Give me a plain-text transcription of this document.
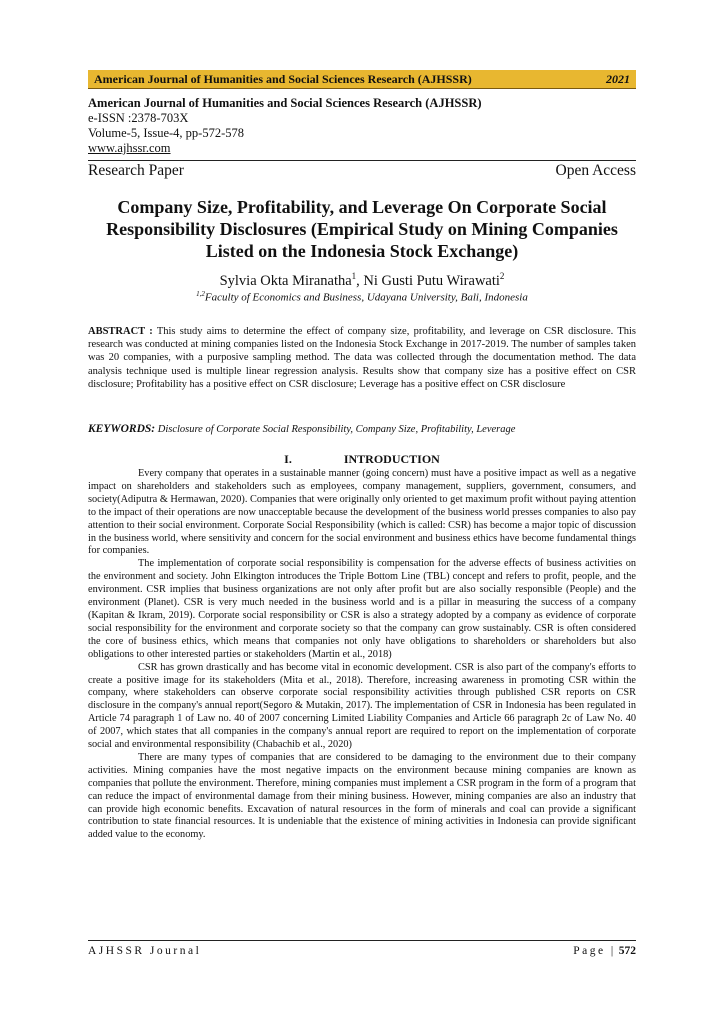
American Journal of Humanities and Social Sciences Research (AJHSSR)	2021
American Journal of Humanities and Social Sciences Research (AJHSSR)
e-ISSN :2378-703X
Volume-5, Issue-4, pp-572-578
www.ajhssr.com
Research Paper	Open Access
Company Size, Profitability, and Leverage On Corporate Social Responsibility Disclosures (Empirical Study on Mining Companies Listed on the Indonesia Stock Exchange)
Sylvia Okta Miranatha$^1$, Ni Gusti Putu Wirawati$^2$
$^{1,2}$Faculty of Economics and Business, Udayana University, Bali, Indonesia
ABSTRACT : This study aims to determine the effect of company size, profitability, and leverage on CSR disclosure. This research was conducted at mining companies listed on the Indonesia Stock Exchange in 2017-2019. The number of samples taken was 20 companies, with a purposive sampling method. The data was collected through the documentation method. The data analysis technique used is multiple linear regression analysis. Results show that company size has a positive effect on CSR disclosure; Profitability has a positive effect on CSR disclosure; Leverage has a positive effect on CSR disclosure
KEYWORDS: Disclosure of Corporate Social Responsibility, Company Size, Profitability, Leverage
I.	INTRODUCTION

Every company that operates in a sustainable manner (going concern) must have a positive impact as well as a negative impact on shareholders and stakeholders such as employees, company management, suppliers, government, consumers, and society(Adiputra & Hermawan, 2020). Companies that were originally only oriented to get maximum profit without paying attention to the impact of their operations are now unacceptable because the development of the business world presses companies to also pay attention to their social environment. Corporate Social Responsibility (which is called: CSR) has become a major topic of discussion in the business world, where sensitivity and concern for the social environment and business ethics have become fundamental things for companies.

The implementation of corporate social responsibility is compensation for the adverse effects of business activities on the environment and society. John Elkington introduces the Triple Bottom Line (TBL) concept and refers to profit, people, and the environment. CSR implies that business organizations are not only after profit but are also socially responsible (People) and the environment (Planet). CSR is very much needed in the business world and is a pillar in measuring the success of a company (Kapitan & Ikram, 2019). Corporate social responsibility or CSR is also a strategy adopted by a company as evidence of corporate social responsibility for the environment and corporate society so that the company can grow sustainably. CSR is often considered the core of business ethics, which means that companies not only have obligations to shareholders or shareholders but also obligations to other interested parties or stakeholders (Martin et al., 2018)

CSR has grown drastically and has become vital in economic development. CSR is also part of the company's efforts to create a positive image for its stakeholders (Mita et al., 2018). Therefore, increasing awareness in promoting CSR within the company, where stakeholders can observe corporate social responsibility activities through published CSR reports on CSR disclosure in the company's annual report(Segoro & Mutakin, 2017). The implementation of CSR in Indonesia has been regulated in Article 74 paragraph 1 of Law no. 40 of 2007 concerning Limited Liability Companies and Article 66 paragraph 2c of Law No. 40 of 2007, which states that all companies in the company's annual report are required to report on the implementation of corporate social and environmental responsibility (Chabachib et al., 2020)

There are many types of companies that are considered to be damaging to the environment due to their company activities. Mining companies have the most negative impacts on the environment because mining companies are known as companies that pollute the environment. Therefore, mining companies must implement a CSR program in the form of a program that can reduce the impact of environmental damage from their mining business. However, mining companies are also an industry that can provide high economic benefits. Excavation of natural resources in the form of minerals and coal can provide a significant contribution to state financial resources. It is undeniable that the existence of mining activities in Indonesia can provide significant added value to the economy.

AJHSSR Journal	Page | 572
